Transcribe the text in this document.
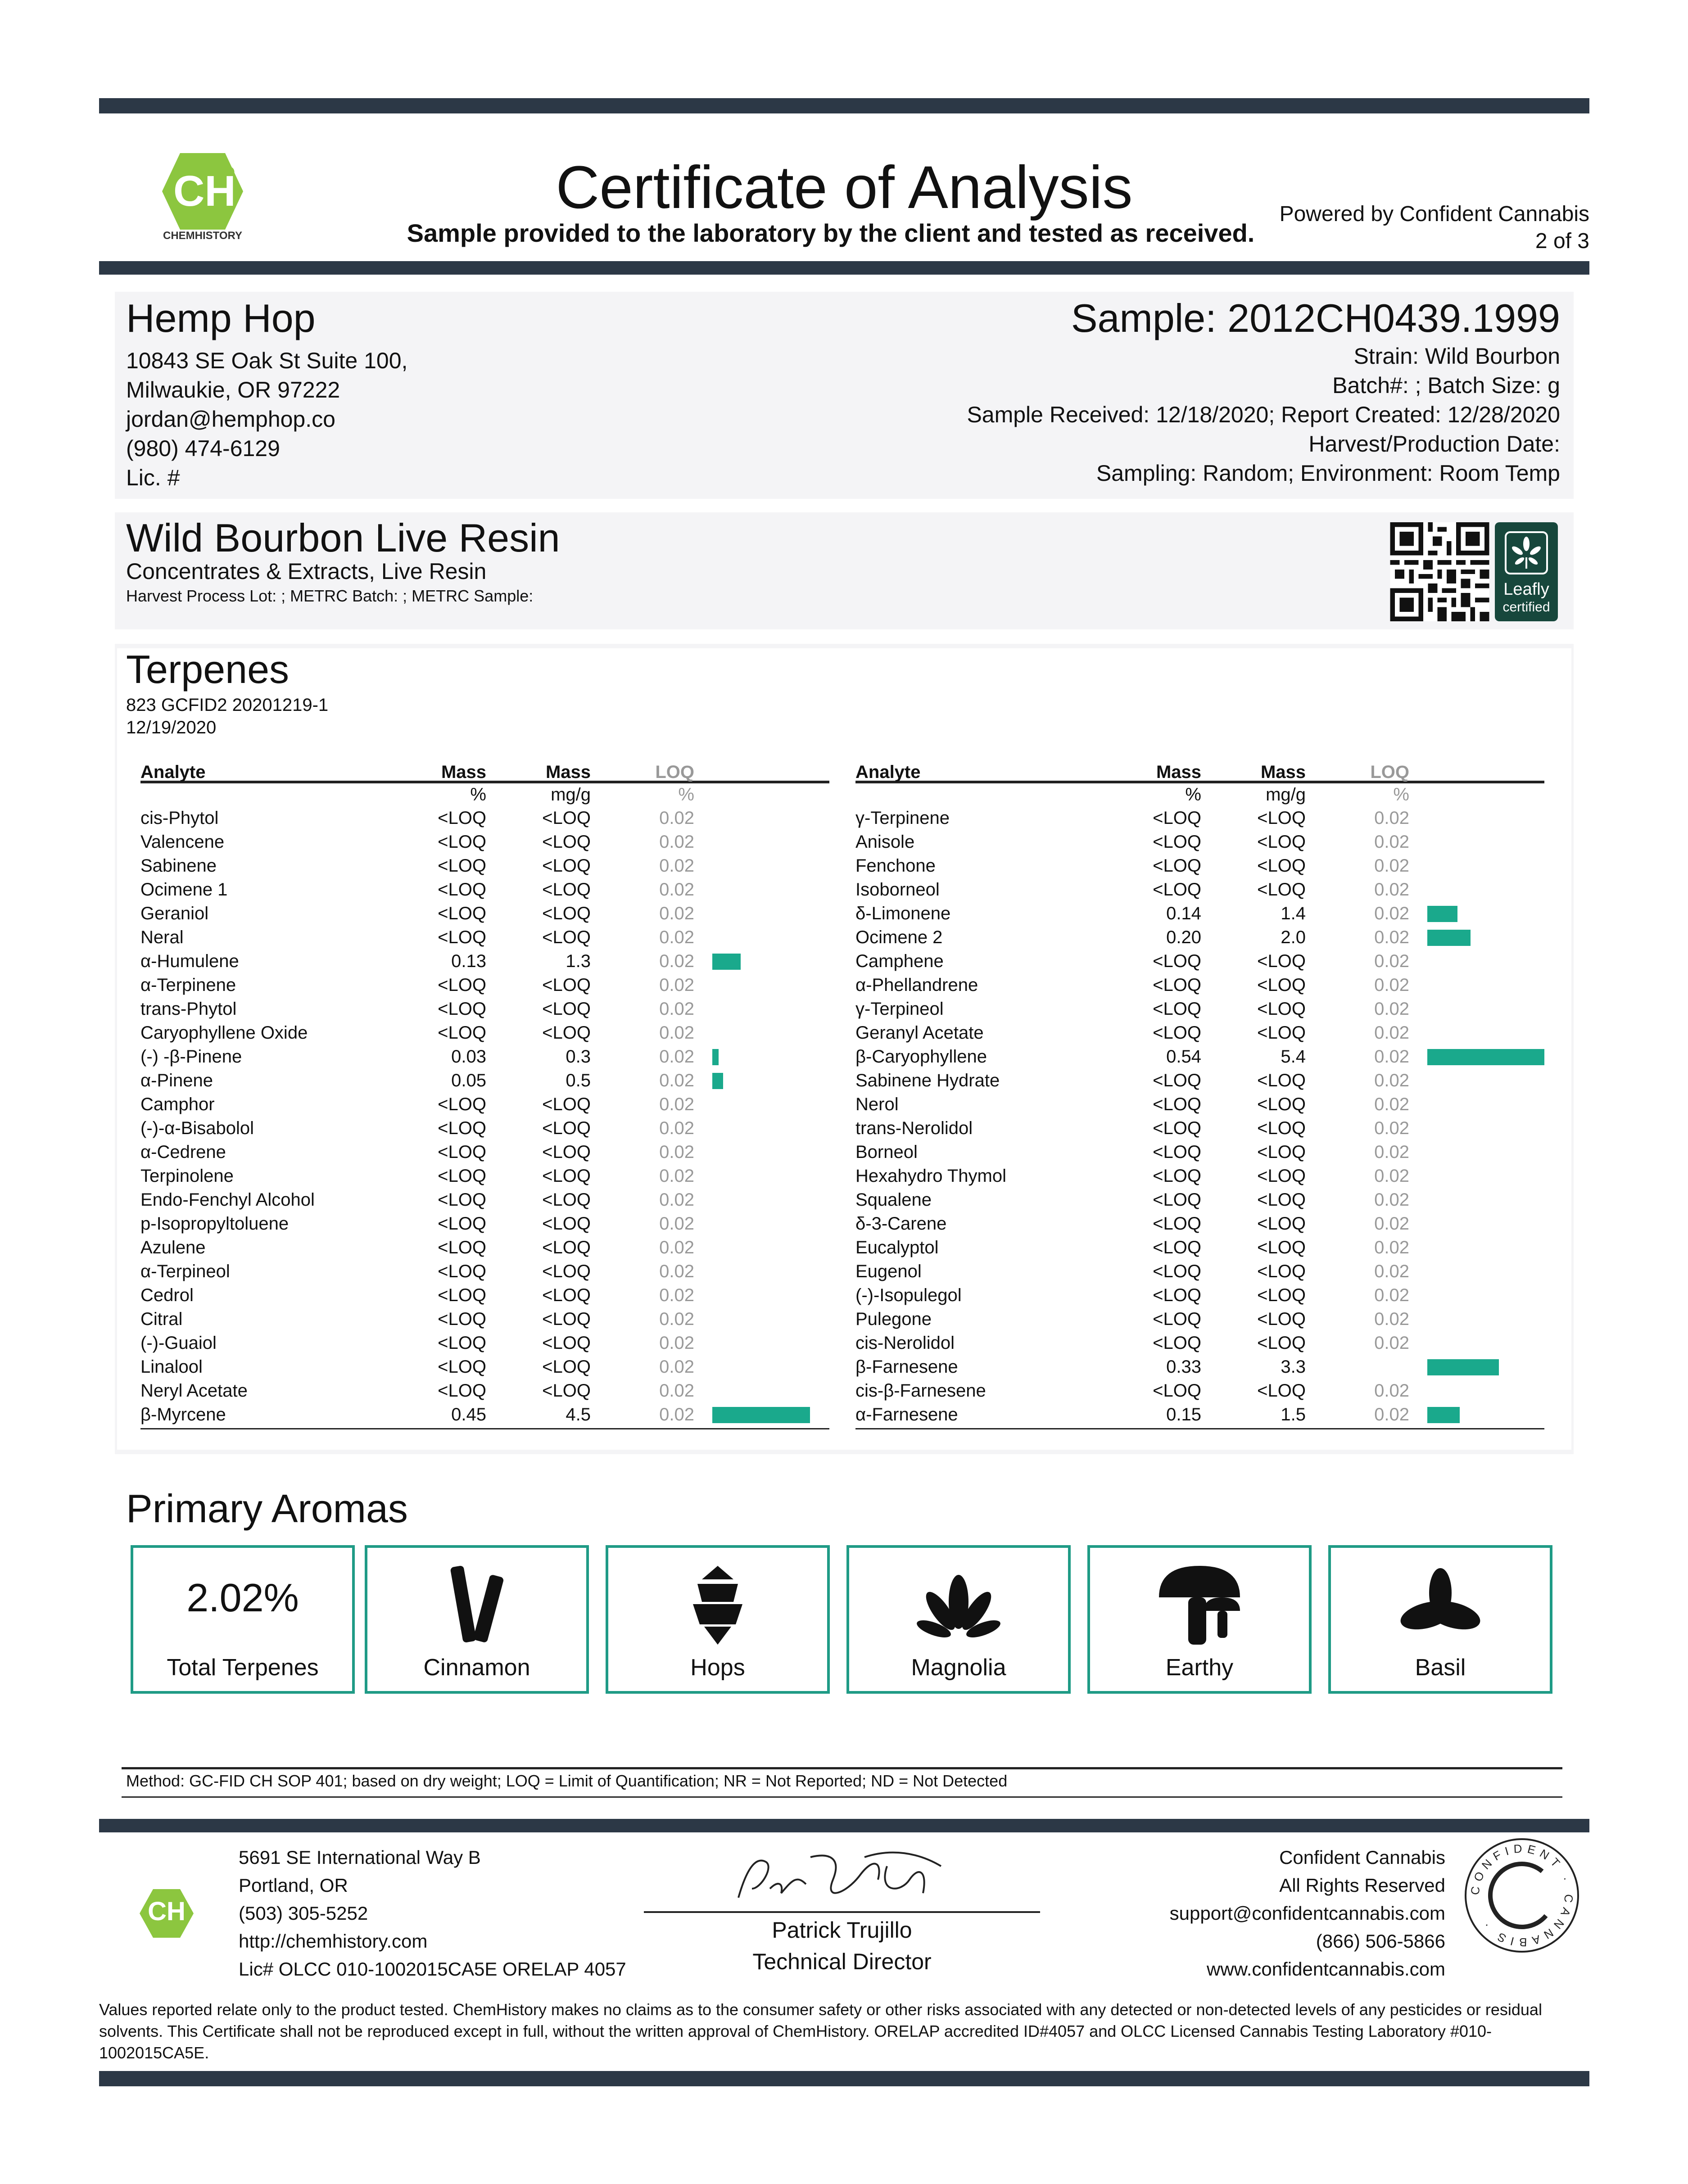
CH
CHEMHISTORY
Certificate of Analysis
Sample provided to the laboratory by the client and tested as received.
Powered by Confident Cannabis
2 of 3
Hemp Hop
10843 SE Oak St Suite 100,
Milwaukie, OR 97222
jordan@hemphop.co
(980) 474-6129
Lic. #
Sample: 2012CH0439.1999
Strain: Wild Bourbon
Batch#: ; Batch Size: g
Sample Received: 12/18/2020; Report Created: 12/28/2020
Harvest/Production Date:
Sampling: Random; Environment: Room Temp
Wild Bourbon Live Resin
Concentrates & Extracts, Live Resin
Harvest Process Lot: ; METRC Batch: ; METRC Sample:	Leafly
certified
Terpenes
823 GCFID2 20201219-1
12/19/2020
Analyte	Mass	Mass	LOQ
%	mg/g	%
cis-Phytol	<LOQ	<LOQ	0.02
Valencene	<LOQ	<LOQ	0.02
Sabinene	<LOQ	<LOQ	0.02
Ocimene 1	<LOQ	<LOQ	0.02
Geraniol	<LOQ	<LOQ	0.02
Neral	<LOQ	<LOQ	0.02
α-Humulene	0.13	1.3	0.02
α-Terpinene	<LOQ	<LOQ	0.02
trans-Phytol	<LOQ	<LOQ	0.02
Caryophyllene Oxide	<LOQ	<LOQ	0.02
(-) -β-Pinene	0.03	0.3	0.02
α-Pinene	0.05	0.5	0.02
Camphor	<LOQ	<LOQ	0.02
(-)-α-Bisabolol	<LOQ	<LOQ	0.02
α-Cedrene	<LOQ	<LOQ	0.02
Terpinolene	<LOQ	<LOQ	0.02
Endo-Fenchyl Alcohol	<LOQ	<LOQ	0.02
p-Isopropyltoluene	<LOQ	<LOQ	0.02
Azulene	<LOQ	<LOQ	0.02
α-Terpineol	<LOQ	<LOQ	0.02
Cedrol	<LOQ	<LOQ	0.02
Citral	<LOQ	<LOQ	0.02
(-)-Guaiol	<LOQ	<LOQ	0.02
Linalool	<LOQ	<LOQ	0.02
Neryl Acetate	<LOQ	<LOQ	0.02
β-Myrcene	0.45	4.5	0.02
Analyte	Mass	Mass	LOQ
%	mg/g	%
γ-Terpinene	<LOQ	<LOQ	0.02
Anisole	<LOQ	<LOQ	0.02
Fenchone	<LOQ	<LOQ	0.02
Isoborneol	<LOQ	<LOQ	0.02
δ-Limonene	0.14	1.4	0.02
Ocimene 2	0.20	2.0	0.02
Camphene	<LOQ	<LOQ	0.02
α-Phellandrene	<LOQ	<LOQ	0.02
γ-Terpineol	<LOQ	<LOQ	0.02
Geranyl Acetate	<LOQ	<LOQ	0.02
β-Caryophyllene	0.54	5.4	0.02
Sabinene Hydrate	<LOQ	<LOQ	0.02
Nerol	<LOQ	<LOQ	0.02
trans-Nerolidol	<LOQ	<LOQ	0.02
Borneol	<LOQ	<LOQ	0.02
Hexahydro Thymol	<LOQ	<LOQ	0.02
Squalene	<LOQ	<LOQ	0.02
δ-3-Carene	<LOQ	<LOQ	0.02
Eucalyptol	<LOQ	<LOQ	0.02
Eugenol	<LOQ	<LOQ	0.02
(-)-Isopulegol	<LOQ	<LOQ	0.02
Pulegone	<LOQ	<LOQ	0.02
cis-Nerolidol	<LOQ	<LOQ	0.02
β-Farnesene	0.33	3.3
cis-β-Farnesene	<LOQ	<LOQ	0.02
α-Farnesene	0.15	1.5	0.02
Primary Aromas
2.02%
Total Terpenes	Cinnamon	Hops	Magnolia	Earthy	Basil
Method: GC-FID CH SOP 401; based on dry weight; LOQ = Limit of Quantification; NR = Not Reported; ND = Not Detected
CH
5691 SE International Way B
Portland, OR
(503) 305-5252
http://chemhistory.com
Lic# OLCC 010-1002015CA5E ORELAP 4057
Patrick Trujillo
Technical Director
Confident Cannabis
All Rights Reserved
support@confidentcannabis.com
(866) 506-5866
www.confidentcannabis.com
CONFIDENT · CANNABIS ·
Values reported relate only to the product tested. ChemHistory makes no claims as to the consumer safety or other risks associated with any detected or non-detected levels of any pesticides or residual solvents. This Certificate shall not be reproduced except in full, without the written approval of ChemHistory. ORELAP accredited ID#4057 and OLCC Licensed Cannabis Testing Laboratory #010-1002015CA5E.
